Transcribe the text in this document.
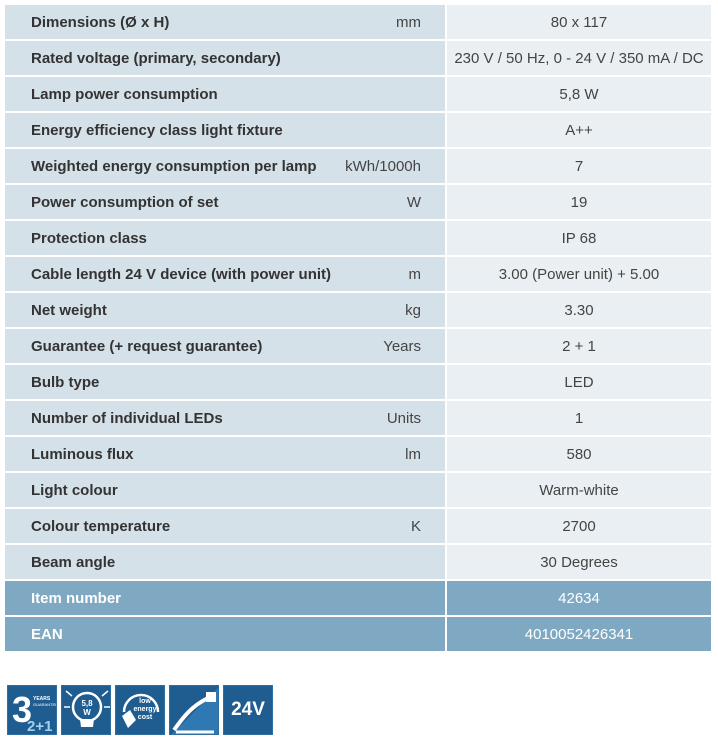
Dimensions (Ø x H) mm	80 x 117
Rated voltage (primary, secondary)	230 V / 50 Hz, 0 - 24 V / 350 mA / DC
Lamp power consumption	5,8 W
Energy efficiency class light fixture	A++
Weighted energy consumption per lamp kWh/1000h	7
Power consumption of set W	19
Protection class	IP 68
Cable length 24 V device (with power unit) m	3.00 (Power unit) + 5.00
Net weight kg	3.30
Guarantee (+ request guarantee) Years	2 + 1
Bulb type	LED
Number of individual LEDs Units	1
Luminous flux lm	580
Light colour	Warm-white
Colour temperature K	2700
Beam angle	30 Degrees
Item number	42634
EAN	4010052426341
3 YEARS
GUARANTEE
2+1
5,8
W
low
energy
cost	24V
